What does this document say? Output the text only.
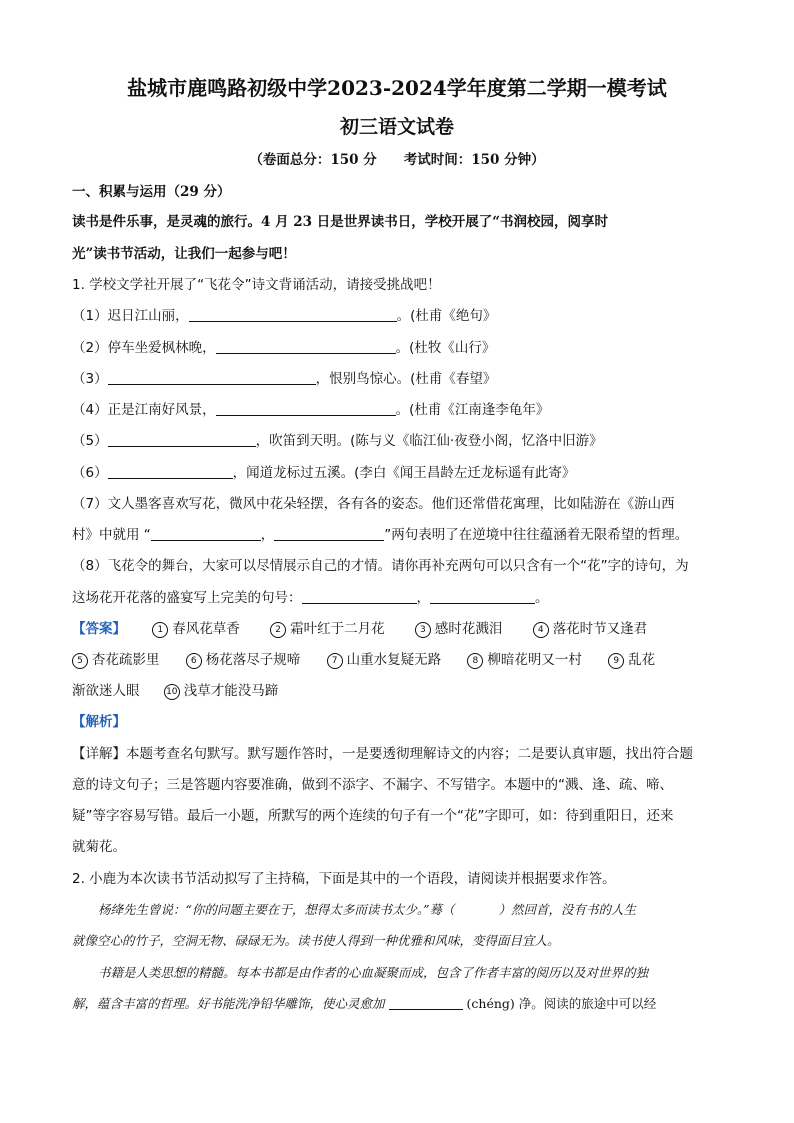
盐城市鹿鸣路初级中学2023-2024学年度第二学期一模考试
初三语文试卷
（卷面总分：150 分　　考试时间：150 分钟）
一、积累与运用（29 分）
读书是件乐事，是灵魂的旅行。4 月 23 日是世界读书日，学校开展了“书润校园，阅享时
光”读书节活动，让我们一起参与吧！
1. 学校文学社开展了“飞花令”诗文背诵活动，请接受挑战吧！
（1）迟日江山丽，	。(杜甫《绝句》
（2）停车坐爱枫林晚，	。(杜牧《山行》
（3）	，恨别鸟惊心。(杜甫《春望》
（4）正是江南好风景，	。(杜甫《江南逢李龟年》
（5）	，吹笛到天明。(陈与义《临江仙·夜登小阁，忆洛中旧游》
（6）	，闻道龙标过五溪。(李白《闻王昌龄左迁龙标遥有此寄》
（7）文人墨客喜欢写花，微风中花朵轻摆，各有各的姿态。他们还常借花寓理，比如陆游在《游山西
村》中就用 “	，	”两句表明了在逆境中往往蕴涵着无限希望的哲理。
（8）飞花令的舞台，大家可以尽情展示自己的才情。请你再补充两句可以只含有一个“花”字的诗句，为
这场花开花落的盛宴写上完美的句号：	，	。
【答案】	1 春风花草香	2 霜叶红于二月花	3 感时花溅泪	4 落花时节又逢君
5 杏花疏影里	6 杨花落尽子规啼	7 山重水复疑无路	8 柳暗花明又一村	9 乱花
渐欲迷人眼	10 浅草才能没马蹄
【解析】
【详解】本题考查名句默写。默写题作答时，一是要透彻理解诗文的内容；二是要认真审题，找出符合题
意的诗文句子；三是答题内容要准确，做到不添字、不漏字、不写错字。本题中的“溅、逢、疏、啼、
疑”等字容易写错。最后一小题，所默写的两个连续的句子有一个“花”字即可，如：待到重阳日，还来
就菊花。
2. 小鹿为本次读书节活动拟写了主持稿，下面是其中的一个语段，请阅读并根据要求作答。
杨绛先生曾说：“你的问题主要在于，想得太多而读书太少。”蓦（	）然回首，没有书的人生
就像空心的竹子，空洞无物、碌碌无为。读书使人得到一种优雅和风味，变得面目宜人。
书籍是人类思想的精髓。每本书都是由作者的心血凝聚而成，包含了作者丰富的阅历以及对世界的独
解，蕴含丰富的哲理。好书能洗净铅华雕饰，使心灵愈加	(chéng) 净。阅读的旅途中可以经
